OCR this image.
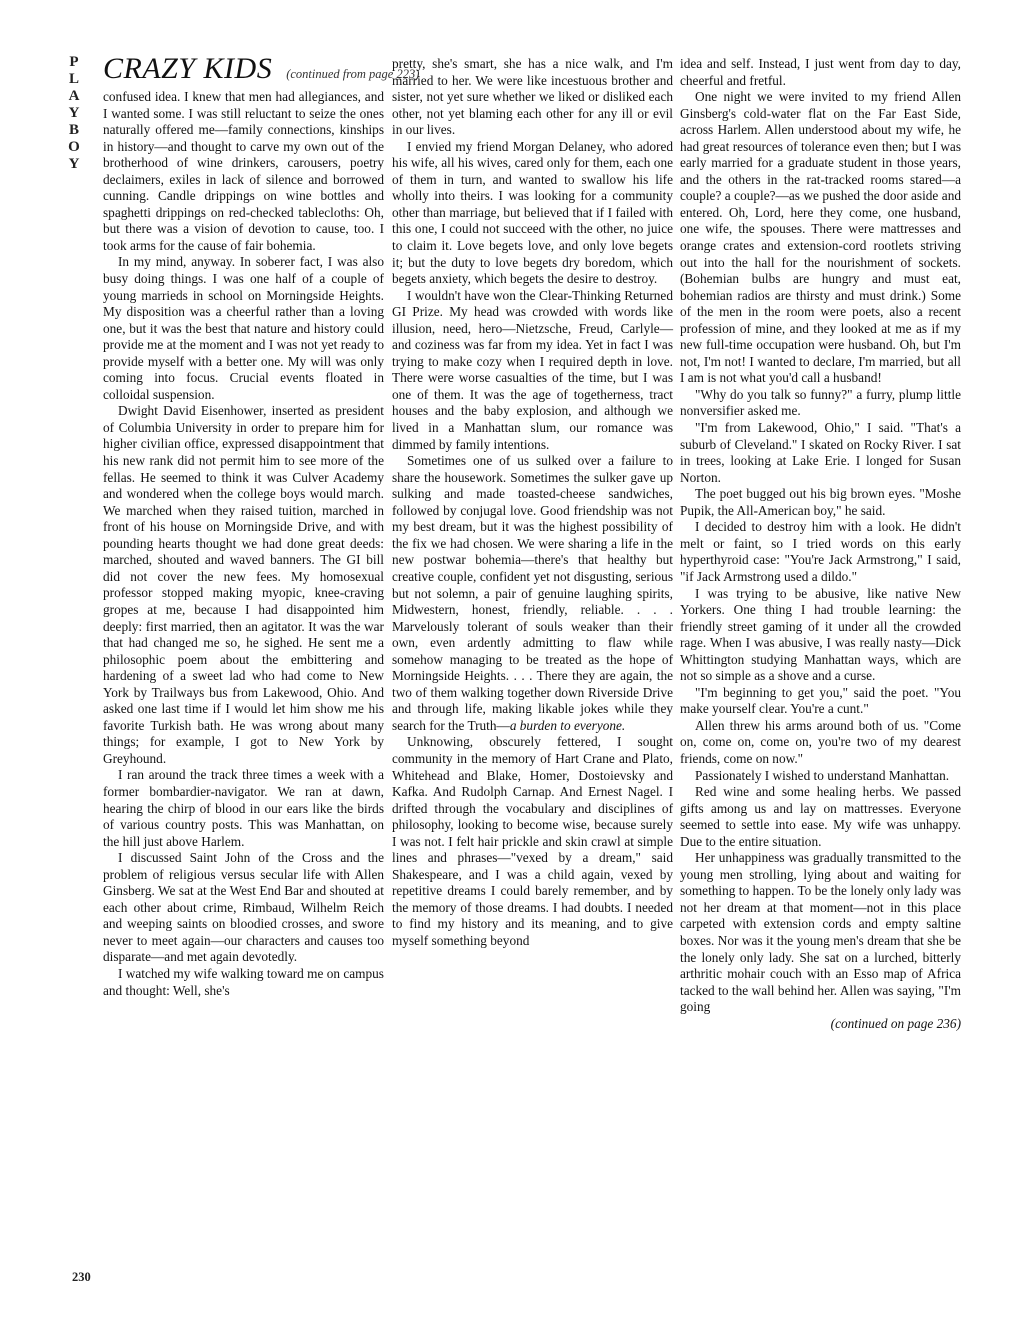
P
L
A
Y
B
O
Y
230
CRAZY KIDS (continued from page 223)

confused idea. I knew that men had allegiances, and I wanted some. I was still reluctant to seize the ones naturally offered me—family connections, kinships in history—and thought to carve my own out of the brotherhood of wine drinkers, carousers, poetry declaimers, exiles in lack of silence and borrowed cunning. Candle drippings on wine bottles and spaghetti drippings on red-checked tablecloths: Oh, but there was a vision of devotion to cause, too. I took arms for the cause of fair bohemia.

In my mind, anyway. In soberer fact, I was also busy doing things. I was one half of a couple of young marrieds in school on Morningside Heights. My disposition was a cheerful rather than a loving one, but it was the best that nature and history could provide me at the moment and I was not yet ready to provide myself with a better one. My will was only coming into focus. Crucial events floated in colloidal suspension.

Dwight David Eisenhower, inserted as president of Columbia University in order to prepare him for higher civilian office, expressed disappointment that his new rank did not permit him to see more of the fellas. He seemed to think it was Culver Academy and wondered when the college boys would march. We marched when they raised tuition, marched in front of his house on Morningside Drive, and with pounding hearts thought we had done great deeds: marched, shouted and waved banners. The GI bill did not cover the new fees. My homosexual professor stopped making myopic, knee-craving gropes at me, because I had disappointed him deeply: first married, then an agitator. It was the war that had changed me so, he sighed. He sent me a philosophic poem about the embittering and hardening of a sweet lad who had come to New York by Trailways bus from Lakewood, Ohio. And asked one last time if I would let him show me his favorite Turkish bath. He was wrong about many things; for example, I got to New York by Greyhound.

I ran around the track three times a week with a former bombardier-navigator. We ran at dawn, hearing the chirp of blood in our ears like the birds of various country posts. This was Manhattan, on the hill just above Harlem.

I discussed Saint John of the Cross and the problem of religious versus secular life with Allen Ginsberg. We sat at the West End Bar and shouted at each other about crime, Rimbaud, Wilhelm Reich and weeping saints on bloodied crosses, and swore never to meet again—our characters and causes too disparate—and met again devotedly.

I watched my wife walking toward me on campus and thought: Well, she's

pretty, she's smart, she has a nice walk, and I'm married to her. We were like incestuous brother and sister, not yet sure whether we liked or disliked each other, not yet blaming each other for any ill or evil in our lives.

I envied my friend Morgan Delaney, who adored his wife, all his wives, cared only for them, each one of them in turn, and wanted to swallow his life wholly into theirs. I was looking for a community other than marriage, but believed that if I failed with this one, I could not succeed with the other, no juice to claim it. Love begets love, and only love begets it; but the duty to love begets dry boredom, which begets anxiety, which begets the desire to destroy.

I wouldn't have won the Clear-Thinking Returned GI Prize. My head was crowded with words like illusion, need, hero—Nietzsche, Freud, Carlyle—and coziness was far from my idea. Yet in fact I was trying to make cozy when I required depth in love. There were worse casualties of the time, but I was one of them. It was the age of togetherness, tract houses and the baby explosion, and although we lived in a Manhattan slum, our romance was dimmed by family intentions.

Sometimes one of us sulked over a failure to share the housework. Sometimes the sulker gave up sulking and made toasted-cheese sandwiches, followed by conjugal love. Good friendship was not my best dream, but it was the highest possibility of the fix we had chosen. We were sharing a life in the new postwar bohemia—there's that healthy but creative couple, confident yet not disgusting, serious but not solemn, a pair of genuine laughing spirits, Midwestern, honest, friendly, reliable. . . . Marvelously tolerant of souls weaker than their own, even ardently admitting to flaw while somehow managing to be treated as the hope of Morningside Heights. . . . There they are again, the two of them walking together down Riverside Drive and through life, making likable jokes while they search for the Truth—a burden to everyone.

Unknowing, obscurely fettered, I sought community in the memory of Hart Crane and Plato, Whitehead and Blake, Homer, Dostoievsky and Kafka. And Rudolph Carnap. And Ernest Nagel. I drifted through the vocabulary and disciplines of philosophy, looking to become wise, because surely I was not. I felt hair prickle and skin crawl at simple lines and phrases—"vexed by a dream," said Shakespeare, and I was a child again, vexed by repetitive dreams I could barely remember, and by the memory of those dreams. I had doubts. I needed to find my history and its meaning, and to give myself something beyond

idea and self. Instead, I just went from day to day, cheerful and fretful.

One night we were invited to my friend Allen Ginsberg's cold-water flat on the Far East Side, across Harlem. Allen understood about my wife, he had great resources of tolerance even then; but I was early married for a graduate student in those years, and the others in the rat-tracked rooms stared—a couple? a couple?—as we pushed the door aside and entered. Oh, Lord, here they come, one husband, one wife, the spouses. There were mattresses and orange crates and extension-cord rootlets striving out into the hall for the nourishment of sockets. (Bohemian bulbs are hungry and must eat, bohemian radios are thirsty and must drink.) Some of the men in the room were poets, also a recent profession of mine, and they looked at me as if my new full-time occupation were husband. Oh, but I'm not, I'm not! I wanted to declare, I'm married, but all I am is not what you'd call a husband!

"Why do you talk so funny?" a furry, plump little nonversifier asked me.

"I'm from Lakewood, Ohio," I said. "That's a suburb of Cleveland." I skated on Rocky River. I sat in trees, looking at Lake Erie. I longed for Susan Norton.

The poet bugged out his big brown eyes. "Moshe Pupik, the All-American boy," he said.

I decided to destroy him with a look. He didn't melt or faint, so I tried words on this early hyperthyroid case: "You're Jack Armstrong," I said, "if Jack Armstrong used a dildo."

I was trying to be abusive, like native New Yorkers. One thing I had trouble learning: the friendly street gaming of it under all the crowded rage. When I was abusive, I was really nasty—Dick Whittington studying Manhattan ways, which are not so simple as a shove and a curse.

"I'm beginning to get you," said the poet. "You make yourself clear. You're a cunt."

Allen threw his arms around both of us. "Come on, come on, come on, you're two of my dearest friends, come on now."

Passionately I wished to understand Manhattan.

Red wine and some healing herbs. We passed gifts among us and lay on mattresses. Everyone seemed to settle into ease. My wife was unhappy. Due to the entire situation.

Her unhappiness was gradually transmitted to the young men strolling, lying about and waiting for something to happen. To be the lonely only lady was not her dream at that moment—not in this place carpeted with extension cords and empty saltine boxes. Nor was it the young men's dream that she be the lonely only lady. She sat on a lurched, bitterly arthritic mohair couch with an Esso map of Africa tacked to the wall behind her. Allen was saying, "I'm going

(continued on page 236)
